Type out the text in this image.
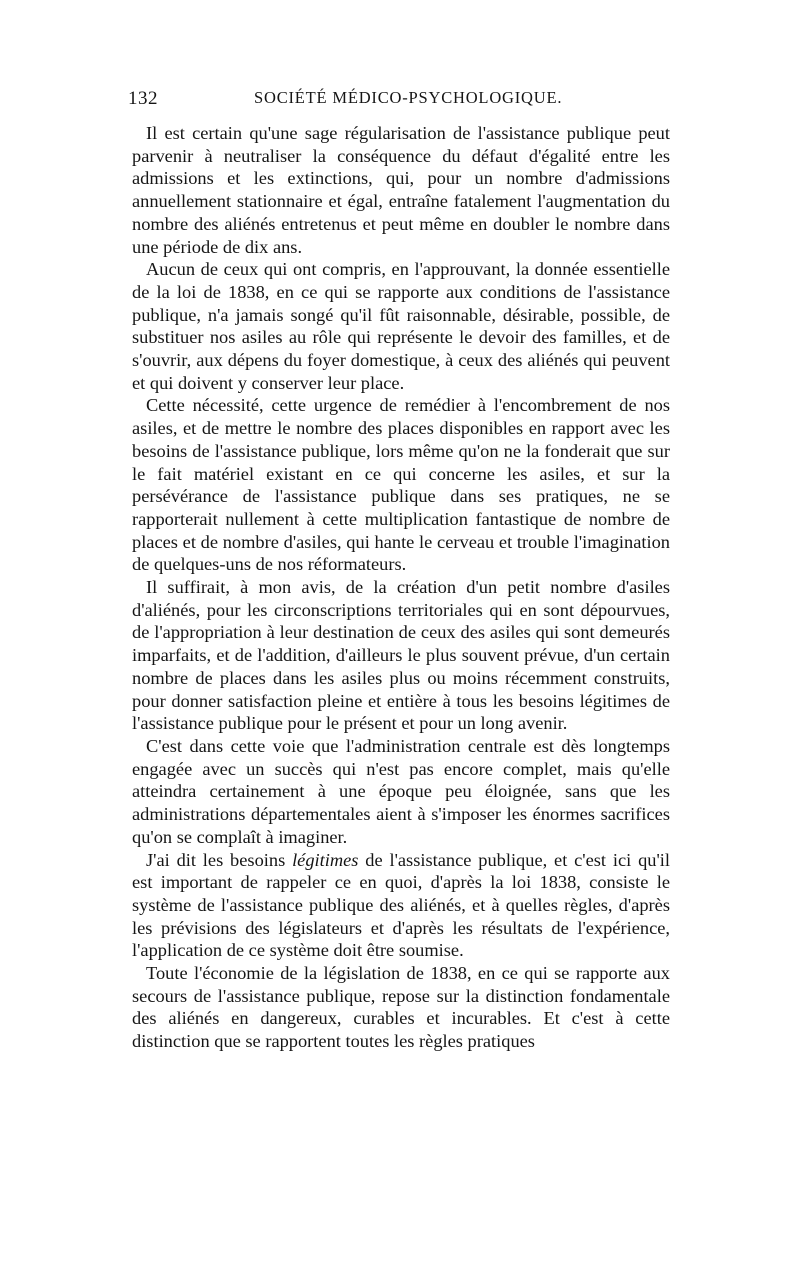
132	SOCIÉTÉ MÉDICO-PSYCHOLOGIQUE.

Il est certain qu'une sage régularisation de l'assistance publique peut parvenir à neutraliser la conséquence du défaut d'égalité entre les admissions et les extinctions, qui, pour un nombre d'admissions annuellement stationnaire et égal, entraîne fatalement l'augmentation du nombre des aliénés entretenus et peut même en doubler le nombre dans une période de dix ans.

Aucun de ceux qui ont compris, en l'approuvant, la donnée essentielle de la loi de 1838, en ce qui se rapporte aux conditions de l'assistance publique, n'a jamais songé qu'il fût raisonnable, désirable, possible, de substituer nos asiles au rôle qui représente le devoir des familles, et de s'ouvrir, aux dépens du foyer domestique, à ceux des aliénés qui peuvent et qui doivent y conserver leur place.

Cette nécessité, cette urgence de remédier à l'encombrement de nos asiles, et de mettre le nombre des places disponibles en rapport avec les besoins de l'assistance publique, lors même qu'on ne la fonderait que sur le fait matériel existant en ce qui concerne les asiles, et sur la persévérance de l'assistance publique dans ses pratiques, ne se rapporterait nullement à cette multiplication fantastique de nombre de places et de nombre d'asiles, qui hante le cerveau et trouble l'imagination de quelques-uns de nos réformateurs.

Il suffirait, à mon avis, de la création d'un petit nombre d'asiles d'aliénés, pour les circonscriptions territoriales qui en sont dépourvues, de l'appropriation à leur destination de ceux des asiles qui sont demeurés imparfaits, et de l'addition, d'ailleurs le plus souvent prévue, d'un certain nombre de places dans les asiles plus ou moins récemment construits, pour donner satisfaction pleine et entière à tous les besoins légitimes de l'assistance publique pour le présent et pour un long avenir.

C'est dans cette voie que l'administration centrale est dès longtemps engagée avec un succès qui n'est pas encore complet, mais qu'elle atteindra certainement à une époque peu éloignée, sans que les administrations départementales aient à s'imposer les énormes sacrifices qu'on se complaît à imaginer.

J'ai dit les besoins légitimes de l'assistance publique, et c'est ici qu'il est important de rappeler ce en quoi, d'après la loi 1838, consiste le système de l'assistance publique des aliénés, et à quelles règles, d'après les prévisions des législateurs et d'après les résultats de l'expérience, l'application de ce système doit être soumise.

Toute l'économie de la législation de 1838, en ce qui se rapporte aux secours de l'assistance publique, repose sur la distinction fondamentale des aliénés en dangereux, curables et incurables. Et c'est à cette distinction que se rapportent toutes les règles pratiques
